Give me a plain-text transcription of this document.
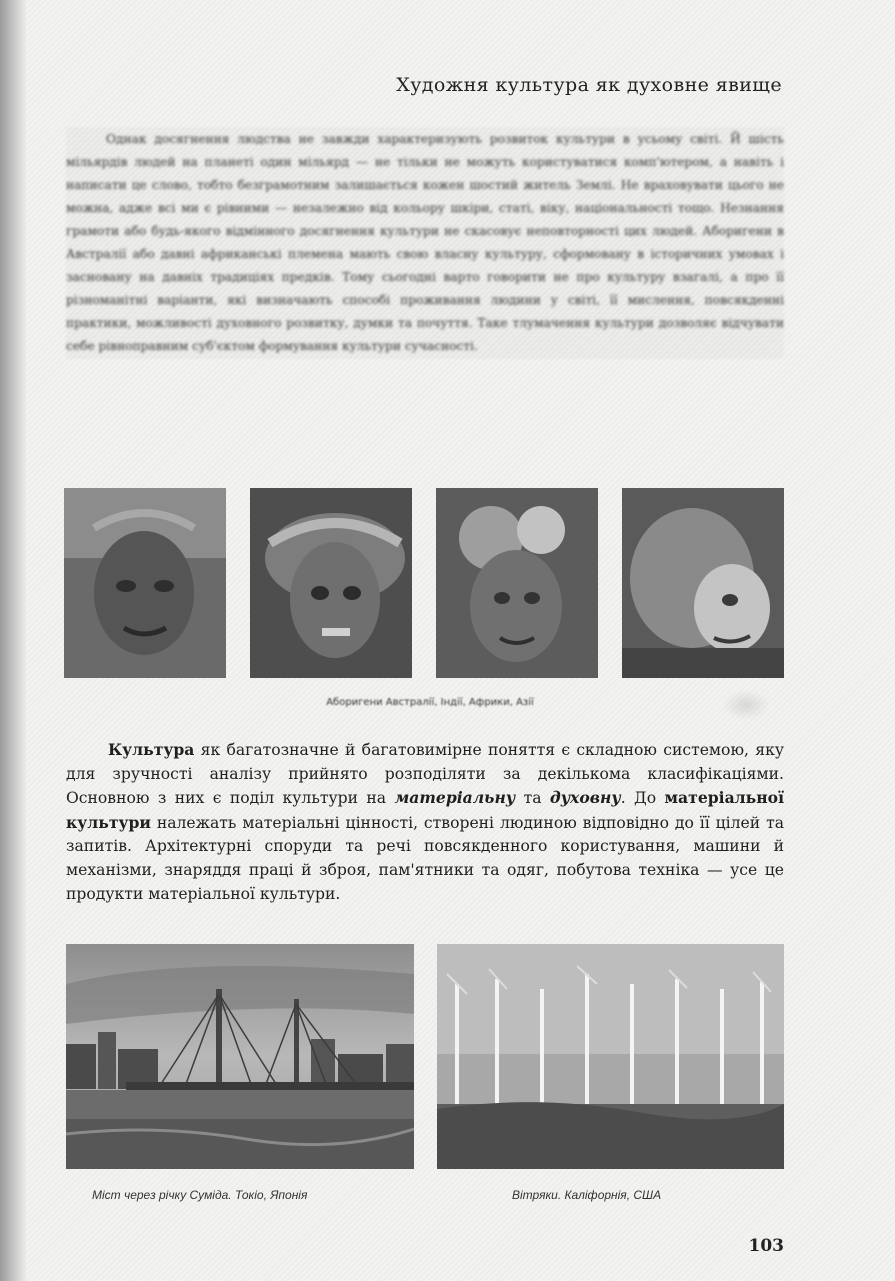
Художня культура як духовне явище

Однак досягнення людства не завжди характеризують розвиток культури в усьому світі. Й шість мільярдів людей на планеті один мільярд — не тільки не можуть користуватися комп'ютером, а навіть і написати це слово, тобто безграмотним залишається кожен шостий житель Землі. Не враховувати цього не можна, адже всі ми є рівними — незалежно від кольору шкіри, статі, віку, національності тощо. Незнання грамоти або будь-якого відмінного досягнення культури не скасовує неповторності цих людей. Аборигени в Австралії або давні африканські племена мають свою власну культуру, сформовану в історичних умовах і засновану на давніх традиціях предків. Тому сьогодні варто говорити не про культуру взагалі, а про її різноманітні варіанти, які визначають способі проживання людини у світі, її мислення, повсякденні практики, можливості духовного розвитку, думки та почуття. Таке тлумачення культури дозволяє відчувати себе рівноправним суб'єктом формування культури сучасності.

Аборигени Австралії, Індії, Африки, Азії

Культура як багатозначне й багатовимірне поняття є складною системою, яку для зручності аналізу прийнято розподіляти за декількома класифікаціями. Основною з них є поділ культури на матеріальну та духовну. До матеріальної культури належать матеріальні цінності, створені людиною відповідно до її цілей та запитів. Архітектурні споруди та речі повсякденного користування, машини й механізми, знаряддя праці й зброя, пам'ятники та одяг, побутова техніка — усе це продукти матеріальної культури.

Міст через річку Суміда. Токіо, Японія	Вітряки. Каліфорнія, США
103
